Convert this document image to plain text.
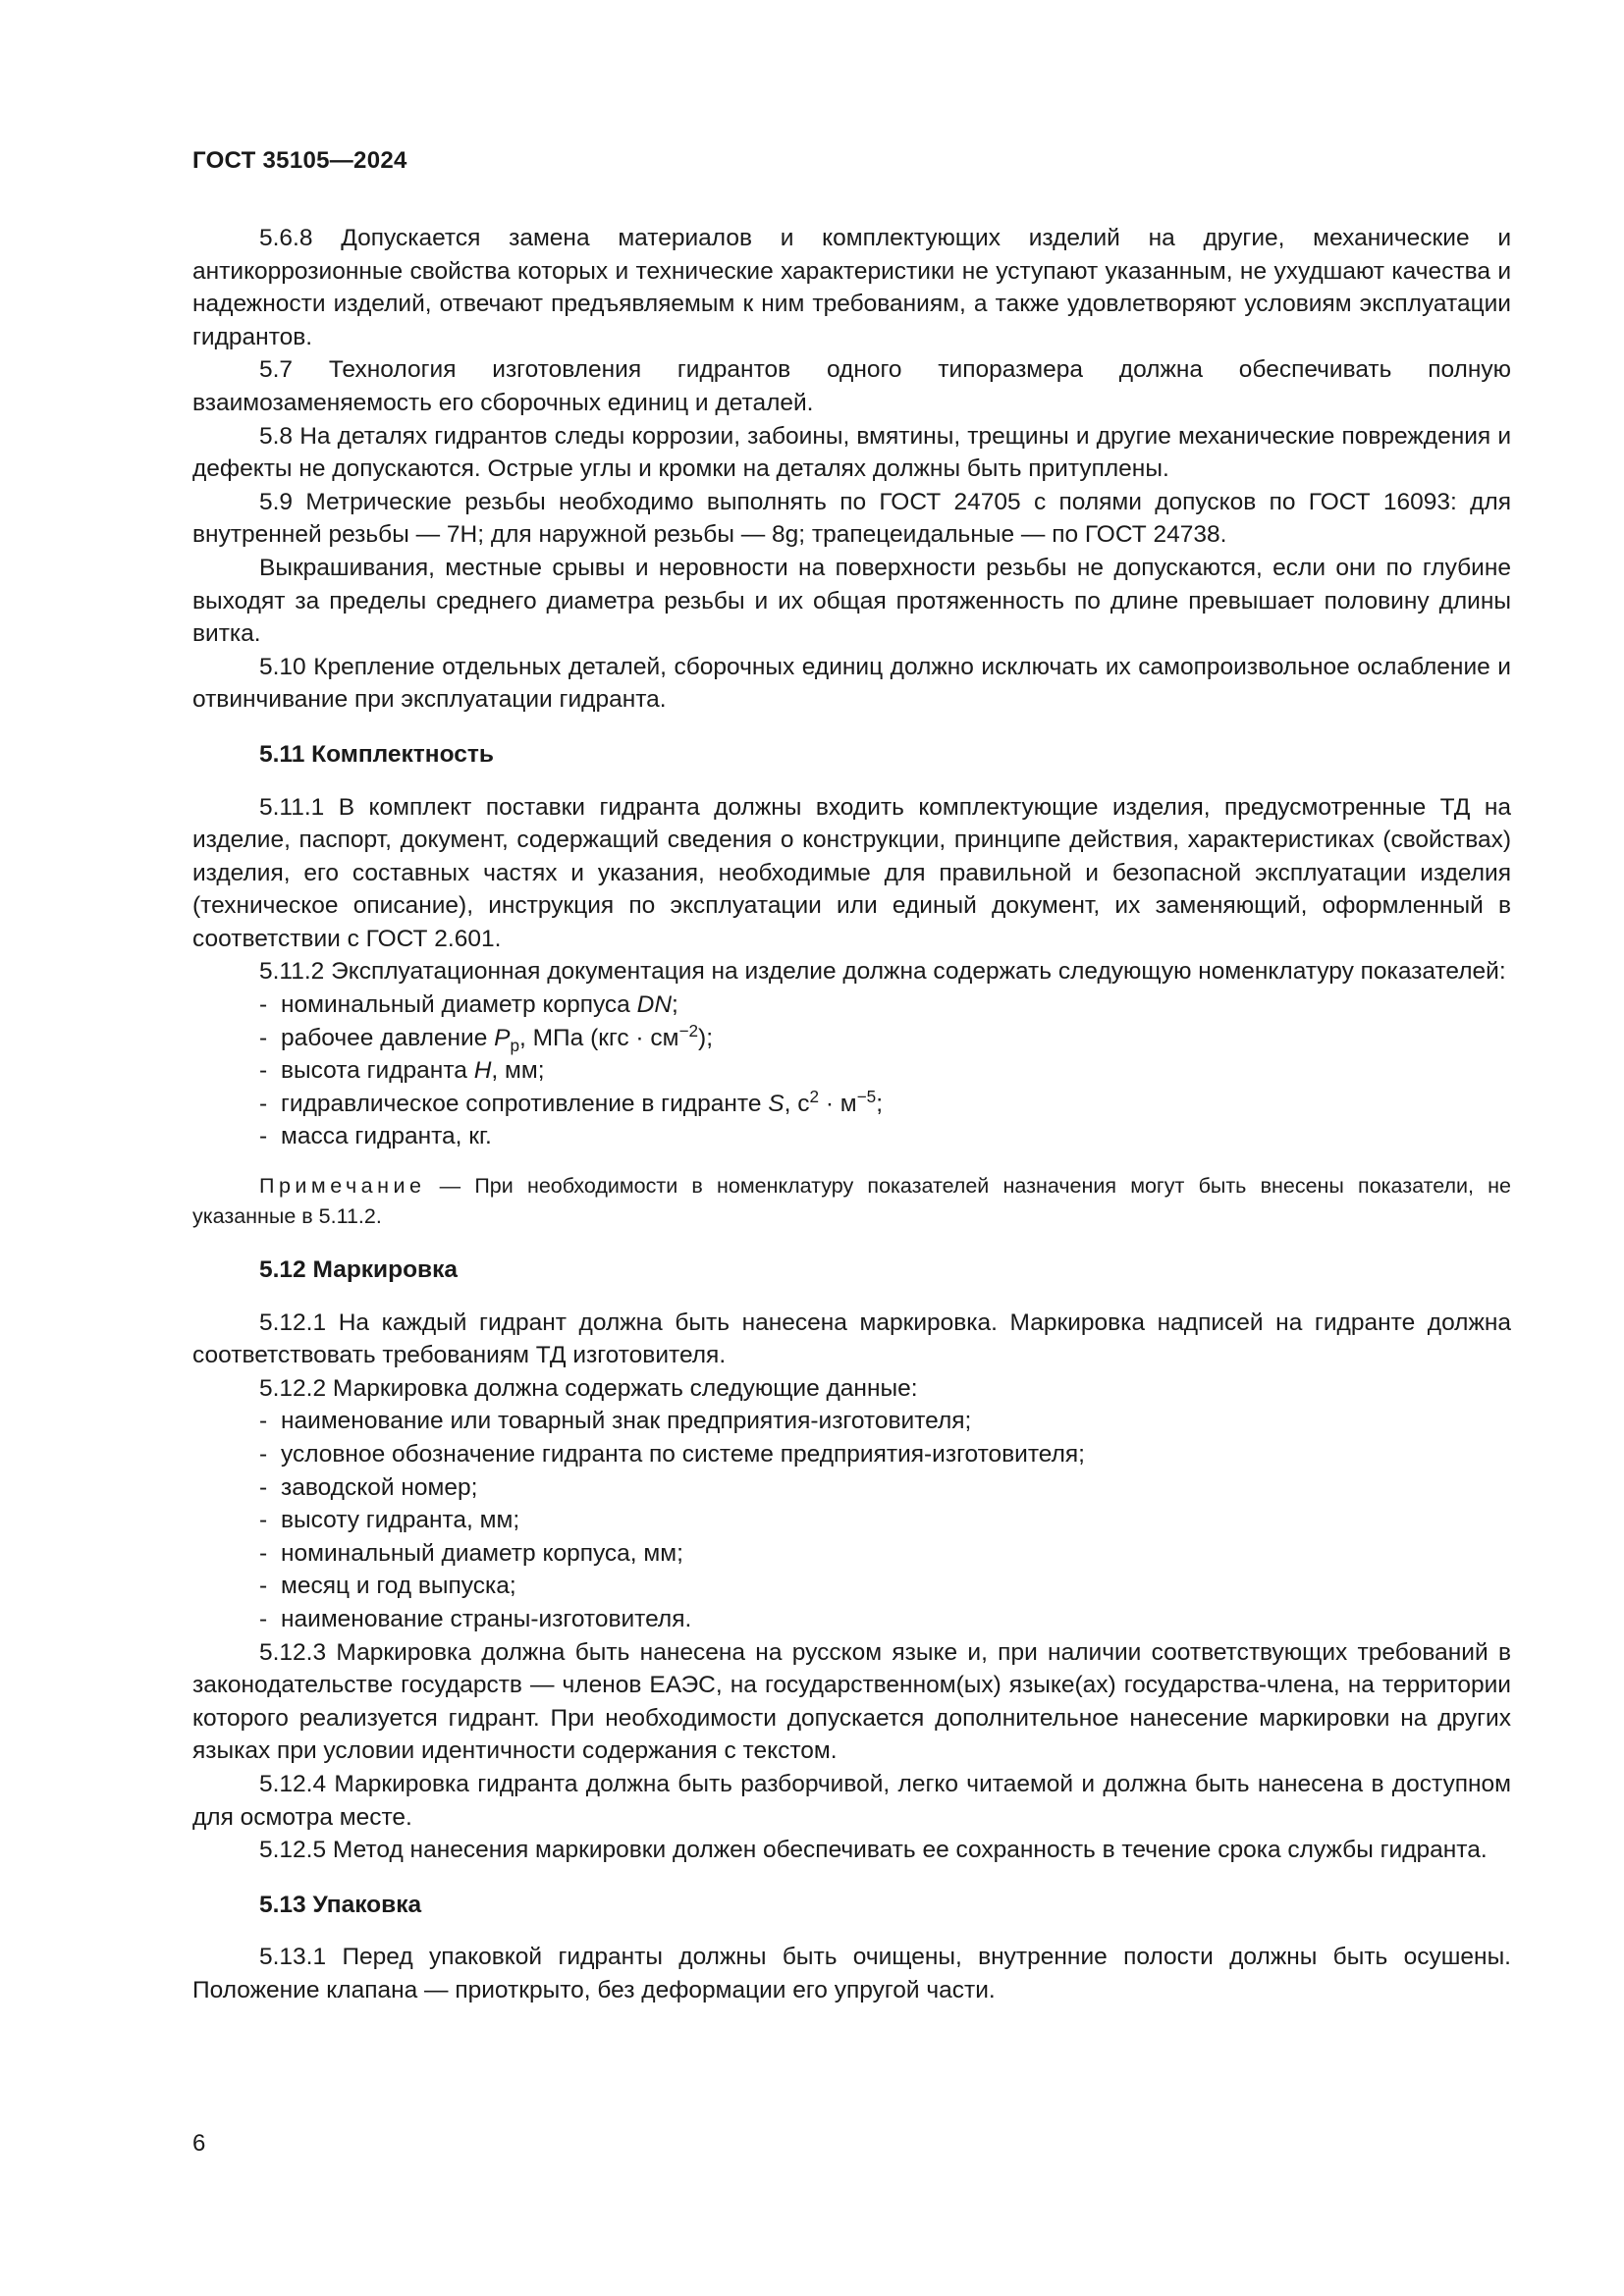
ГОСТ 35105—2024

5.6.8 Допускается замена материалов и комплектующих изделий на другие, механические и антикоррозионные свойства которых и технические характеристики не уступают указанным, не ухудшают качества и надежности изделий, отвечают предъявляемым к ним требованиям, а также удовлетворяют условиям эксплуатации гидрантов.

5.7 Технология изготовления гидрантов одного типоразмера должна обеспечивать полную взаимозаменяемость его сборочных единиц и деталей.

5.8 На деталях гидрантов следы коррозии, забоины, вмятины, трещины и другие механические повреждения и дефекты не допускаются. Острые углы и кромки на деталях должны быть притуплены.

5.9 Метрические резьбы необходимо выполнять по ГОСТ 24705 с полями допусков по ГОСТ 16093: для внутренней резьбы — 7Н; для наружной резьбы — 8g; трапецеидальные — по ГОСТ 24738.

Выкрашивания, местные срывы и неровности на поверхности резьбы не допускаются, если они по глубине выходят за пределы среднего диаметра резьбы и их общая протяженность по длине превышает половину длины витка.

5.10 Крепление отдельных деталей, сборочных единиц должно исключать их самопроизвольное ослабление и отвинчивание при эксплуатации гидранта.

5.11 Комплектность

5.11.1 В комплект поставки гидранта должны входить комплектующие изделия, предусмотренные ТД на изделие, паспорт, документ, содержащий сведения о конструкции, принципе действия, характеристиках (свойствах) изделия, его составных частях и указания, необходимые для правильной и безопасной эксплуатации изделия (техническое описание), инструкция по эксплуатации или единый документ, их заменяющий, оформленный в соответствии с ГОСТ 2.601.

5.11.2 Эксплуатационная документация на изделие должна содержать следующую номенклатуру показателей:

- номинальный диаметр корпуса DN;
- рабочее давление $P_р$, МПа $(кгс \cdot см^{-2})$;
- высота гидранта H, мм;
- гидравлическое сопротивление в гидранте S, $с^2 \cdot м^{-5}$;
- масса гидранта, кг.

Примечание — При необходимости в номенклатуру показателей назначения могут быть внесены показатели, не указанные в 5.11.2.

5.12 Маркировка

5.12.1 На каждый гидрант должна быть нанесена маркировка. Маркировка надписей на гидранте должна соответствовать требованиям ТД изготовителя.

5.12.2 Маркировка должна содержать следующие данные:

- наименование или товарный знак предприятия-изготовителя;
- условное обозначение гидранта по системе предприятия-изготовителя;
- заводской номер;
- высоту гидранта, мм;
- номинальный диаметр корпуса, мм;
- месяц и год выпуска;
- наименование страны-изготовителя.

5.12.3 Маркировка должна быть нанесена на русском языке и, при наличии соответствующих требований в законодательстве государств — членов ЕАЭС, на государственном(ых) языке(ах) государства-члена, на территории которого реализуется гидрант. При необходимости допускается дополнительное нанесение маркировки на других языках при условии идентичности содержания с текстом.

5.12.4 Маркировка гидранта должна быть разборчивой, легко читаемой и должна быть нанесена в доступном для осмотра месте.

5.12.5 Метод нанесения маркировки должен обеспечивать ее сохранность в течение срока службы гидранта.

5.13 Упаковка

5.13.1 Перед упаковкой гидранты должны быть очищены, внутренние полости должны быть осушены. Положение клапана — приоткрыто, без деформации его упругой части.

6
